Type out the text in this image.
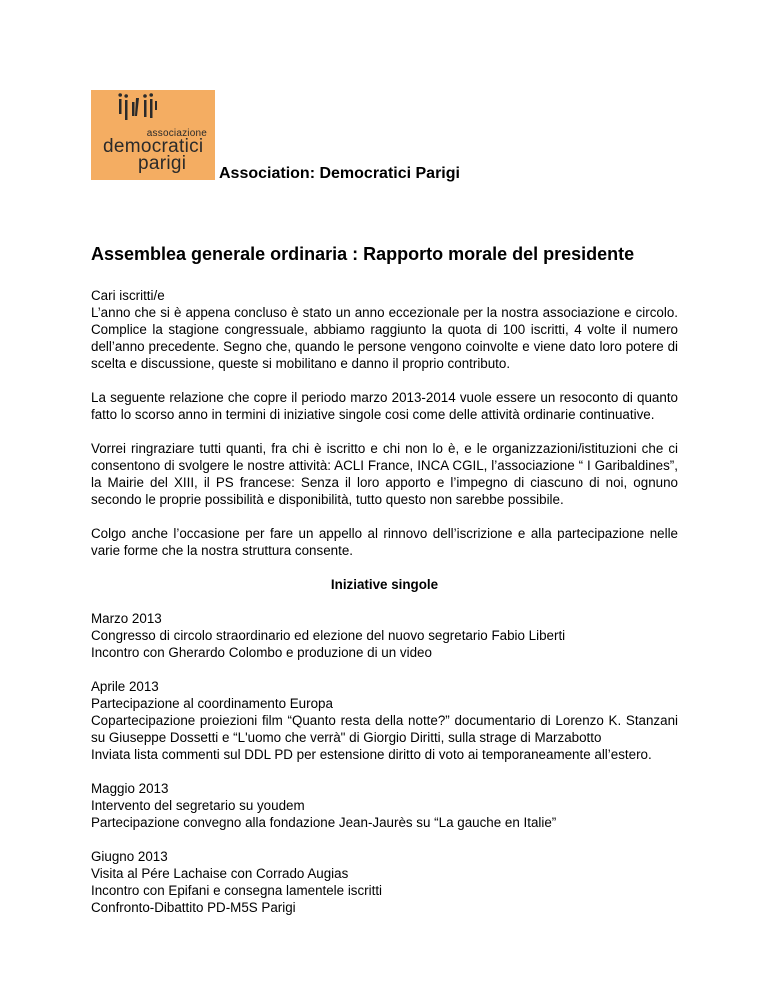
associazione
democratici
parigi Association: Democratici Parigi
Assemblea generale ordinaria : Rapporto morale del presidente
Cari iscritti/e

L’anno che si è appena concluso è stato un anno eccezionale per la nostra associazione e circolo. Complice la stagione congressuale, abbiamo raggiunto la quota di 100 iscritti, 4 volte il numero dell’anno precedente. Segno che, quando le persone vengono coinvolte e viene dato loro potere di scelta e discussione, queste si mobilitano e danno il proprio contributo.

La seguente relazione che copre il periodo marzo 2013-2014 vuole essere un resoconto di quanto fatto lo scorso anno in termini di iniziative singole cosi come delle attività ordinarie continuative.

Vorrei ringraziare tutti quanti, fra chi è iscritto e chi non lo è, e le organizzazioni/istituzioni che ci consentono di svolgere le nostre attività: ACLI France, INCA CGIL, l’associazione “ I Garibaldines”, la Mairie del XIII, il PS francese: Senza il loro apporto e l’impegno di ciascuno di noi, ognuno secondo le proprie possibilità e disponibilità, tutto questo non sarebbe possibile.

Colgo anche l’occasione per fare un appello al rinnovo dell’iscrizione e alla partecipazione nelle varie forme che la nostra struttura consente.

Iniziative singole
Marzo 2013
Congresso di circolo straordinario ed elezione del nuovo segretario Fabio Liberti
Incontro con Gherardo Colombo e produzione di un video
Aprile 2013
Partecipazione al coordinamento Europa
Copartecipazione proiezioni film “Quanto resta della notte?” documentario di Lorenzo K. Stanzani su Giuseppe Dossetti e “L'uomo che verrà" di Giorgio Diritti, sulla strage di Marzabotto
Inviata lista commenti sul DDL PD per estensione diritto di voto ai temporaneamente all’estero.
Maggio 2013
Intervento del segretario su youdem
Partecipazione convegno alla fondazione Jean-Jaurès su “La gauche en Italie”
Giugno 2013
Visita al Pére Lachaise con Corrado Augias
Incontro con Epifani e consegna lamentele iscritti
Confronto-Dibattito PD-M5S Parigi
